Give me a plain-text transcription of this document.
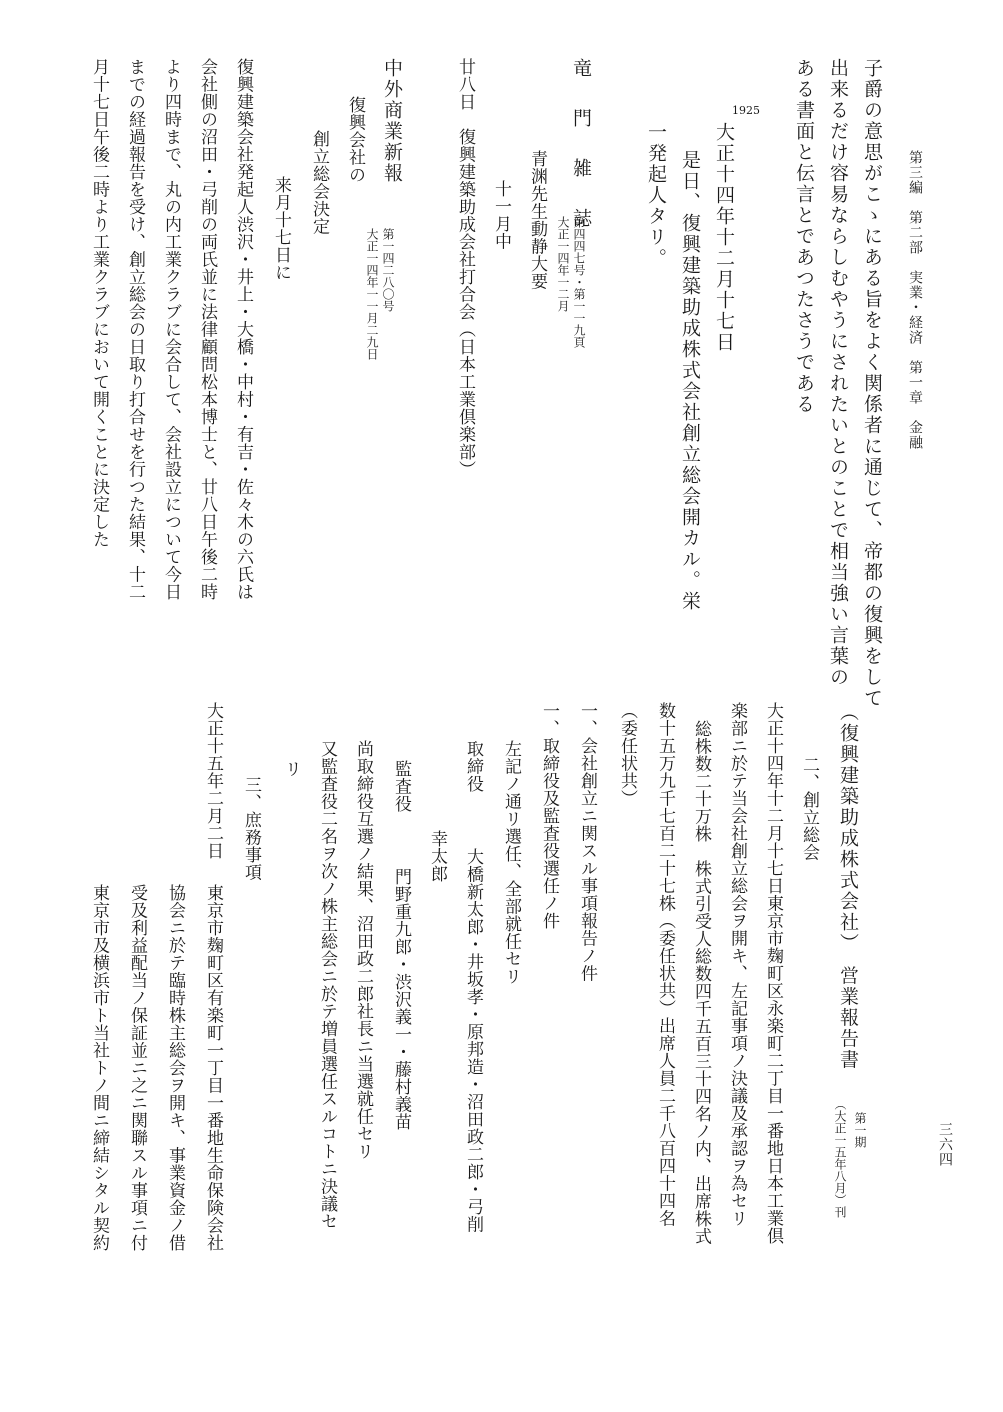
第三編　第二部　実業・経済　第一章　金融
三六四
子爵の意思がこゝにある旨をよく関係者に通じて、帝都の復興をして
出来るだけ容易ならしむやうにされたいとのことで相当強い言葉の
ある書面と伝言とであつたさうである
1925
大正十四年十二月十七日
是日、復興建築助成株式会社創立総会開カル。栄
一発起人タリ。
竜　門　雑　誌
第四四七号・第一一九頁
大正一四年一二月
青渊先生動静大要
十一月中
廿八日　復興建築助成会社打合会（日本工業倶楽部）
中外商業新報
第一四二八〇号
大正一四年一一月二九日
復興会社の
創立総会決定
来月十七日に
復興建築会社発起人渋沢・井上・大橋・中村・有吉・佐々木の六氏は
会社側の沼田・弓削の両氏並に法律顧問松本博士と、廿八日午後二時
より四時まで、丸の内工業クラブに会合して、会社設立について今日
までの経過報告を受け、創立総会の日取り打合せを行つた結果、十二
月十七日午後二時より工業クラブにおいて開くことに決定した
（復興建築助成株式会社）　営業報告書
第一期
（大正一五年八月）刊
二、創立総会
大正十四年十二月十七日東京市麹町区永楽町二丁目一番地日本工業倶
楽部ニ於テ当会社創立総会ヲ開キ、左記事項ノ決議及承認ヲ為セリ
総株数二十万株　株式引受人総数四千五百三十四名ノ内、出席株式
数十五万九千七百二十七株（委任状共）出席人員二千八百四十四名
（委任状共）
一、会社創立ニ関スル事項報告ノ件
一、取締役及監査役選任ノ件
左記ノ通リ選任、全部就任セリ
取締役
大橋新太郎・井坂孝・原邦造・沼田政二郎・弓削
幸太郎
監査役
門野重九郎・渋沢義一・藤村義苗
尚取締役互選ノ結果、沼田政二郎社長ニ当選就任セリ
又監査役二名ヲ次ノ株主総会ニ於テ増員選任スルコトニ決議セ
リ
三、庶務事項
大正十五年二月二日
東京市麹町区有楽町一丁目一番地生命保険会社
協会ニ於テ臨時株主総会ヲ開キ、事業資金ノ借
受及利益配当ノ保証並ニ之ニ関聯スル事項ニ付
東京市及横浜市ト当社トノ間ニ締結シタル契約
